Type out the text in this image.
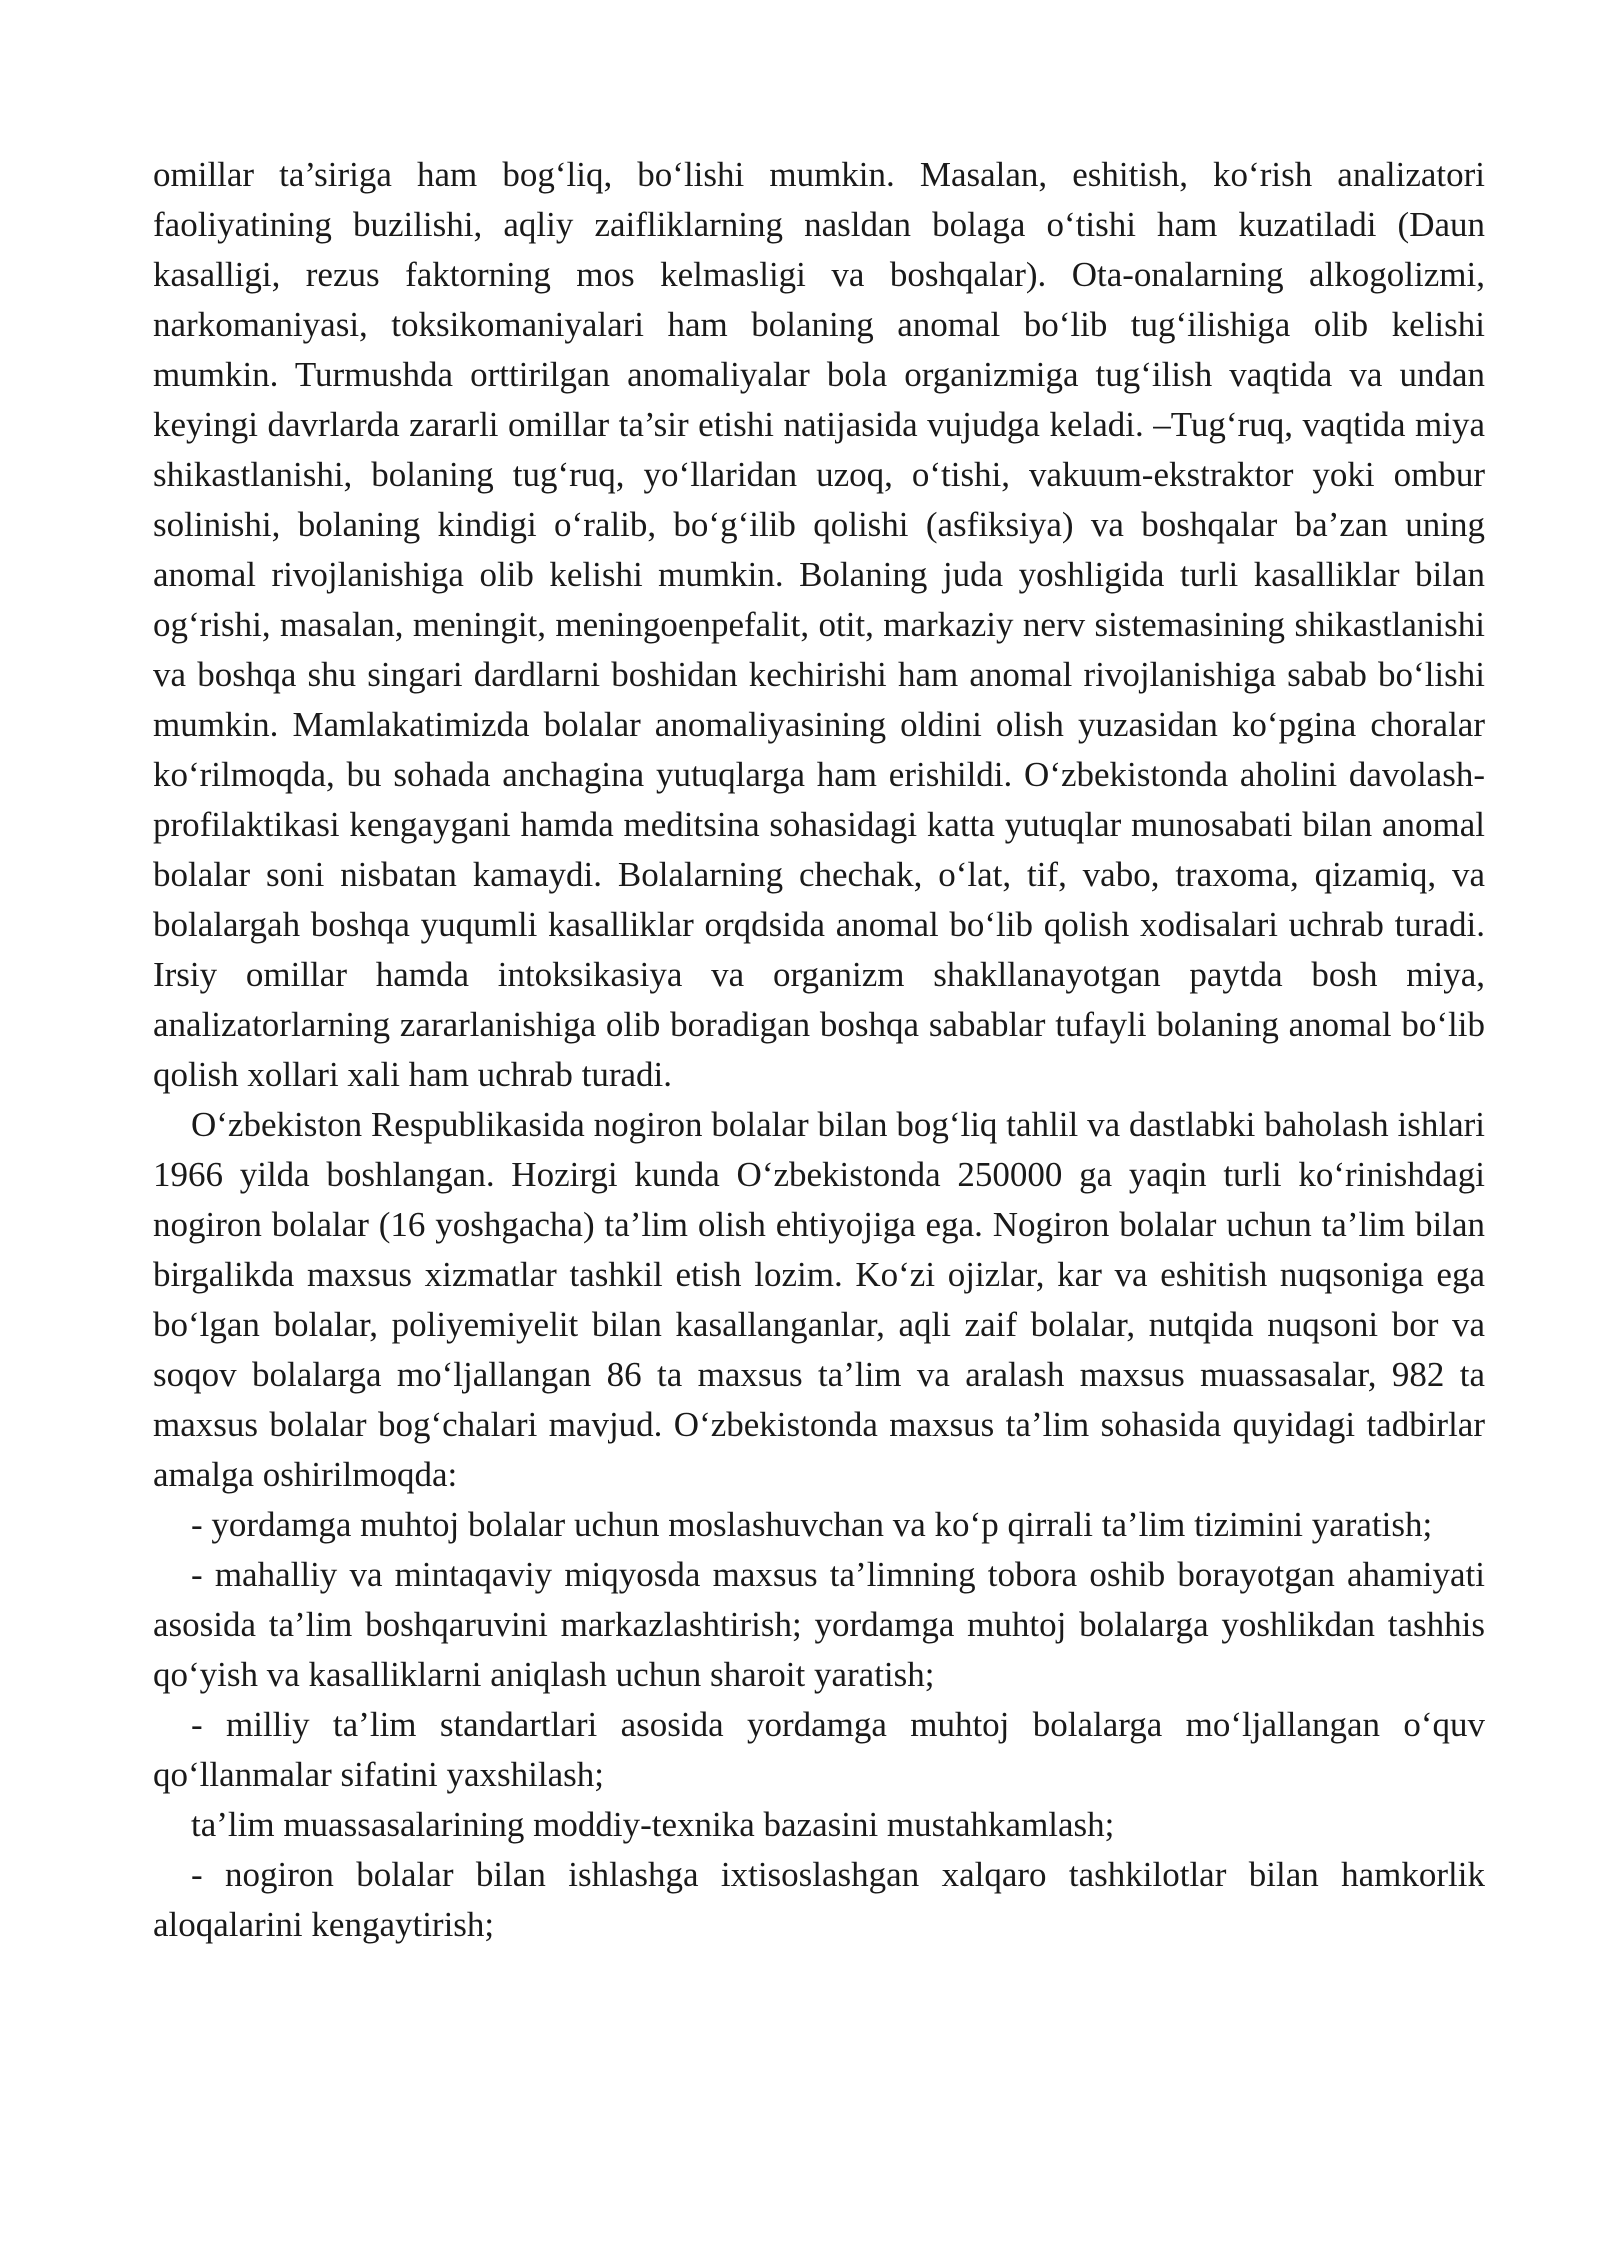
omillar ta’siriga ham bog‘liq, bo‘lishi mumkin. Masalan, eshitish, ko‘rish analizatori faoliyatining buzilishi, aqliy zaifliklarning nasldan bolaga o‘tishi ham kuzatiladi (Daun kasalligi, rezus faktorning mos kelmasligi va boshqalar). Ota-onalarning alkogolizmi, narkomaniyasi, toksikomaniyalari ham bolaning anomal bo‘lib tug‘ilishiga olib kelishi mumkin. Turmushda orttirilgan anomaliyalar bola organizmiga tug‘ilish vaqtida va undan keyingi davrlarda zararli omillar ta’sir etishi natijasida vujudga keladi. –Tug‘ruq, vaqtida miya shikastlanishi, bolaning tug‘ruq, yo‘llaridan uzoq, o‘tishi, vakuum-ekstraktor yoki ombur solinishi, bolaning kindigi o‘ralib, bo‘g‘ilib qolishi (asfiksiya) va boshqalar ba’zan uning anomal rivojlanishiga olib kelishi mumkin. Bolaning juda yoshligida turli kasalliklar bilan og‘rishi, masalan, meningit, meningoenpefalit, otit, markaziy nerv sistemasining shikastlanishi va boshqa shu singari dardlarni boshidan kechirishi ham anomal rivojlanishiga sabab bo‘lishi mumkin. Mamlakatimizda bolalar anomaliyasining oldini olish yuzasidan ko‘pgina choralar ko‘rilmoqda, bu sohada anchagina yutuqlarga ham erishildi. O‘zbekistonda aholini davolash-profilaktikasi kengaygani hamda meditsina sohasidagi katta yutuqlar munosabati bilan anomal bolalar soni nisbatan kamaydi. Bolalarning chechak, o‘lat, tif, vabo, traxoma, qizamiq, va bolalargah boshqa yuqumli kasalliklar orqdsida anomal bo‘lib qolish xodisalari uchrab turadi. Irsiy omillar hamda intoksikasiya va organizm shakllanayotgan paytda bosh miya, analizatorlarning zararlanishiga olib boradigan boshqa sabablar tufayli bolaning anomal bo‘lib qolish xollari xali ham uchrab turadi.

O‘zbekiston Respublikasida nogiron bolalar bilan bog‘liq tahlil va dastlabki baholash ishlari 1966 yilda boshlangan. Hozirgi kunda O‘zbekistonda 250000 ga yaqin turli ko‘rinishdagi nogiron bolalar (16 yoshgacha) ta’lim olish ehtiyojiga ega. Nogiron bolalar uchun ta’lim bilan birgalikda maxsus xizmatlar tashkil etish lozim. Ko‘zi ojizlar, kar va eshitish nuqsoniga ega bo‘lgan bolalar, poliyemiyelit bilan kasallanganlar, aqli zaif bolalar, nutqida nuqsoni bor va soqov bolalarga mo‘ljallangan 86 ta maxsus ta’lim va aralash maxsus muassasalar, 982 ta maxsus bolalar bog‘chalari mavjud. O‘zbekistonda maxsus ta’lim sohasida quyidagi tadbirlar amalga oshirilmoqda:

- yordamga muhtoj bolalar uchun moslashuvchan va ko‘p qirrali ta’lim tizimini yaratish;

- mahalliy va mintaqaviy miqyosda maxsus ta’limning tobora oshib borayotgan ahamiyati asosida ta’lim boshqaruvini markazlashtirish; yordamga muhtoj bolalarga yoshlikdan tashhis qo‘yish va kasalliklarni aniqlash uchun sharoit yaratish;

- milliy ta’lim standartlari asosida yordamga muhtoj bolalarga mo‘ljallangan o‘quv qo‘llanmalar sifatini yaxshilash;

ta’lim muassasalarining moddiy-texnika bazasini mustahkamlash;

- nogiron bolalar bilan ishlashga ixtisoslashgan xalqaro tashkilotlar bilan hamkorlik aloqalarini kengaytirish;
